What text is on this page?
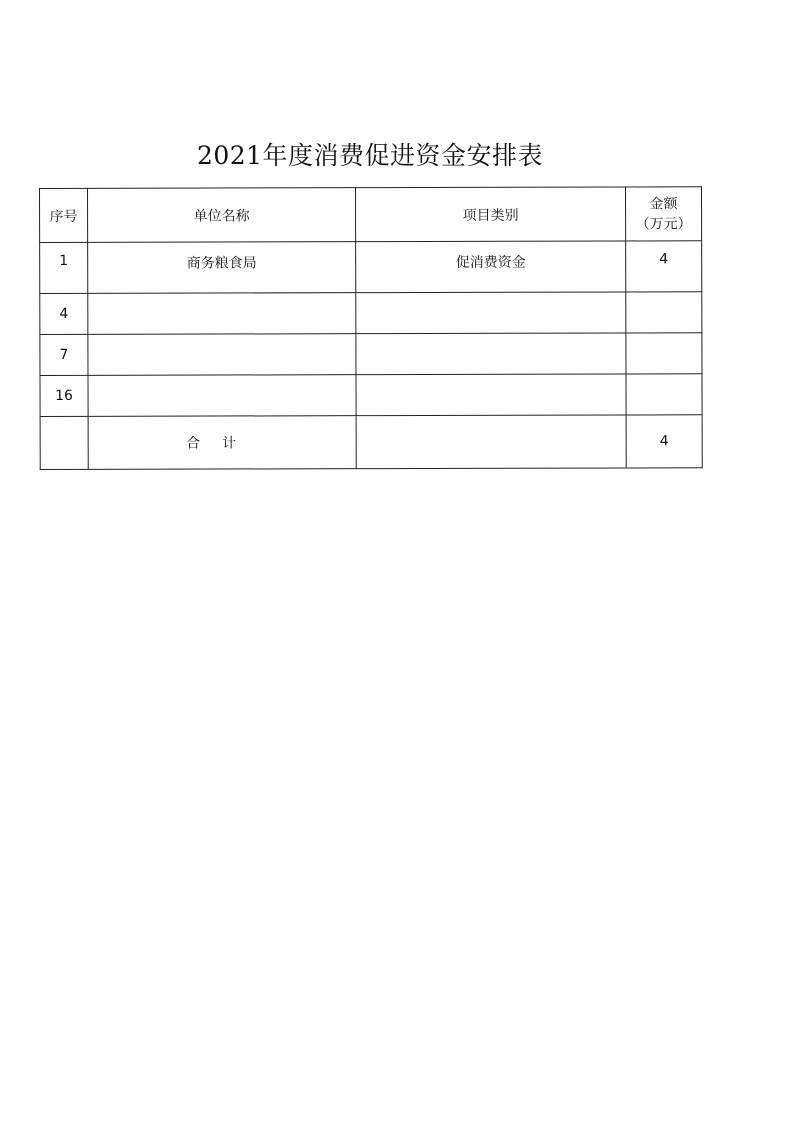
2021年度消费促进资金安排表
序号	单位名称	项目类别	金额
（万元）

1	商务粮食局	促消费资金	4
4			
7			
16			
	合计		4
